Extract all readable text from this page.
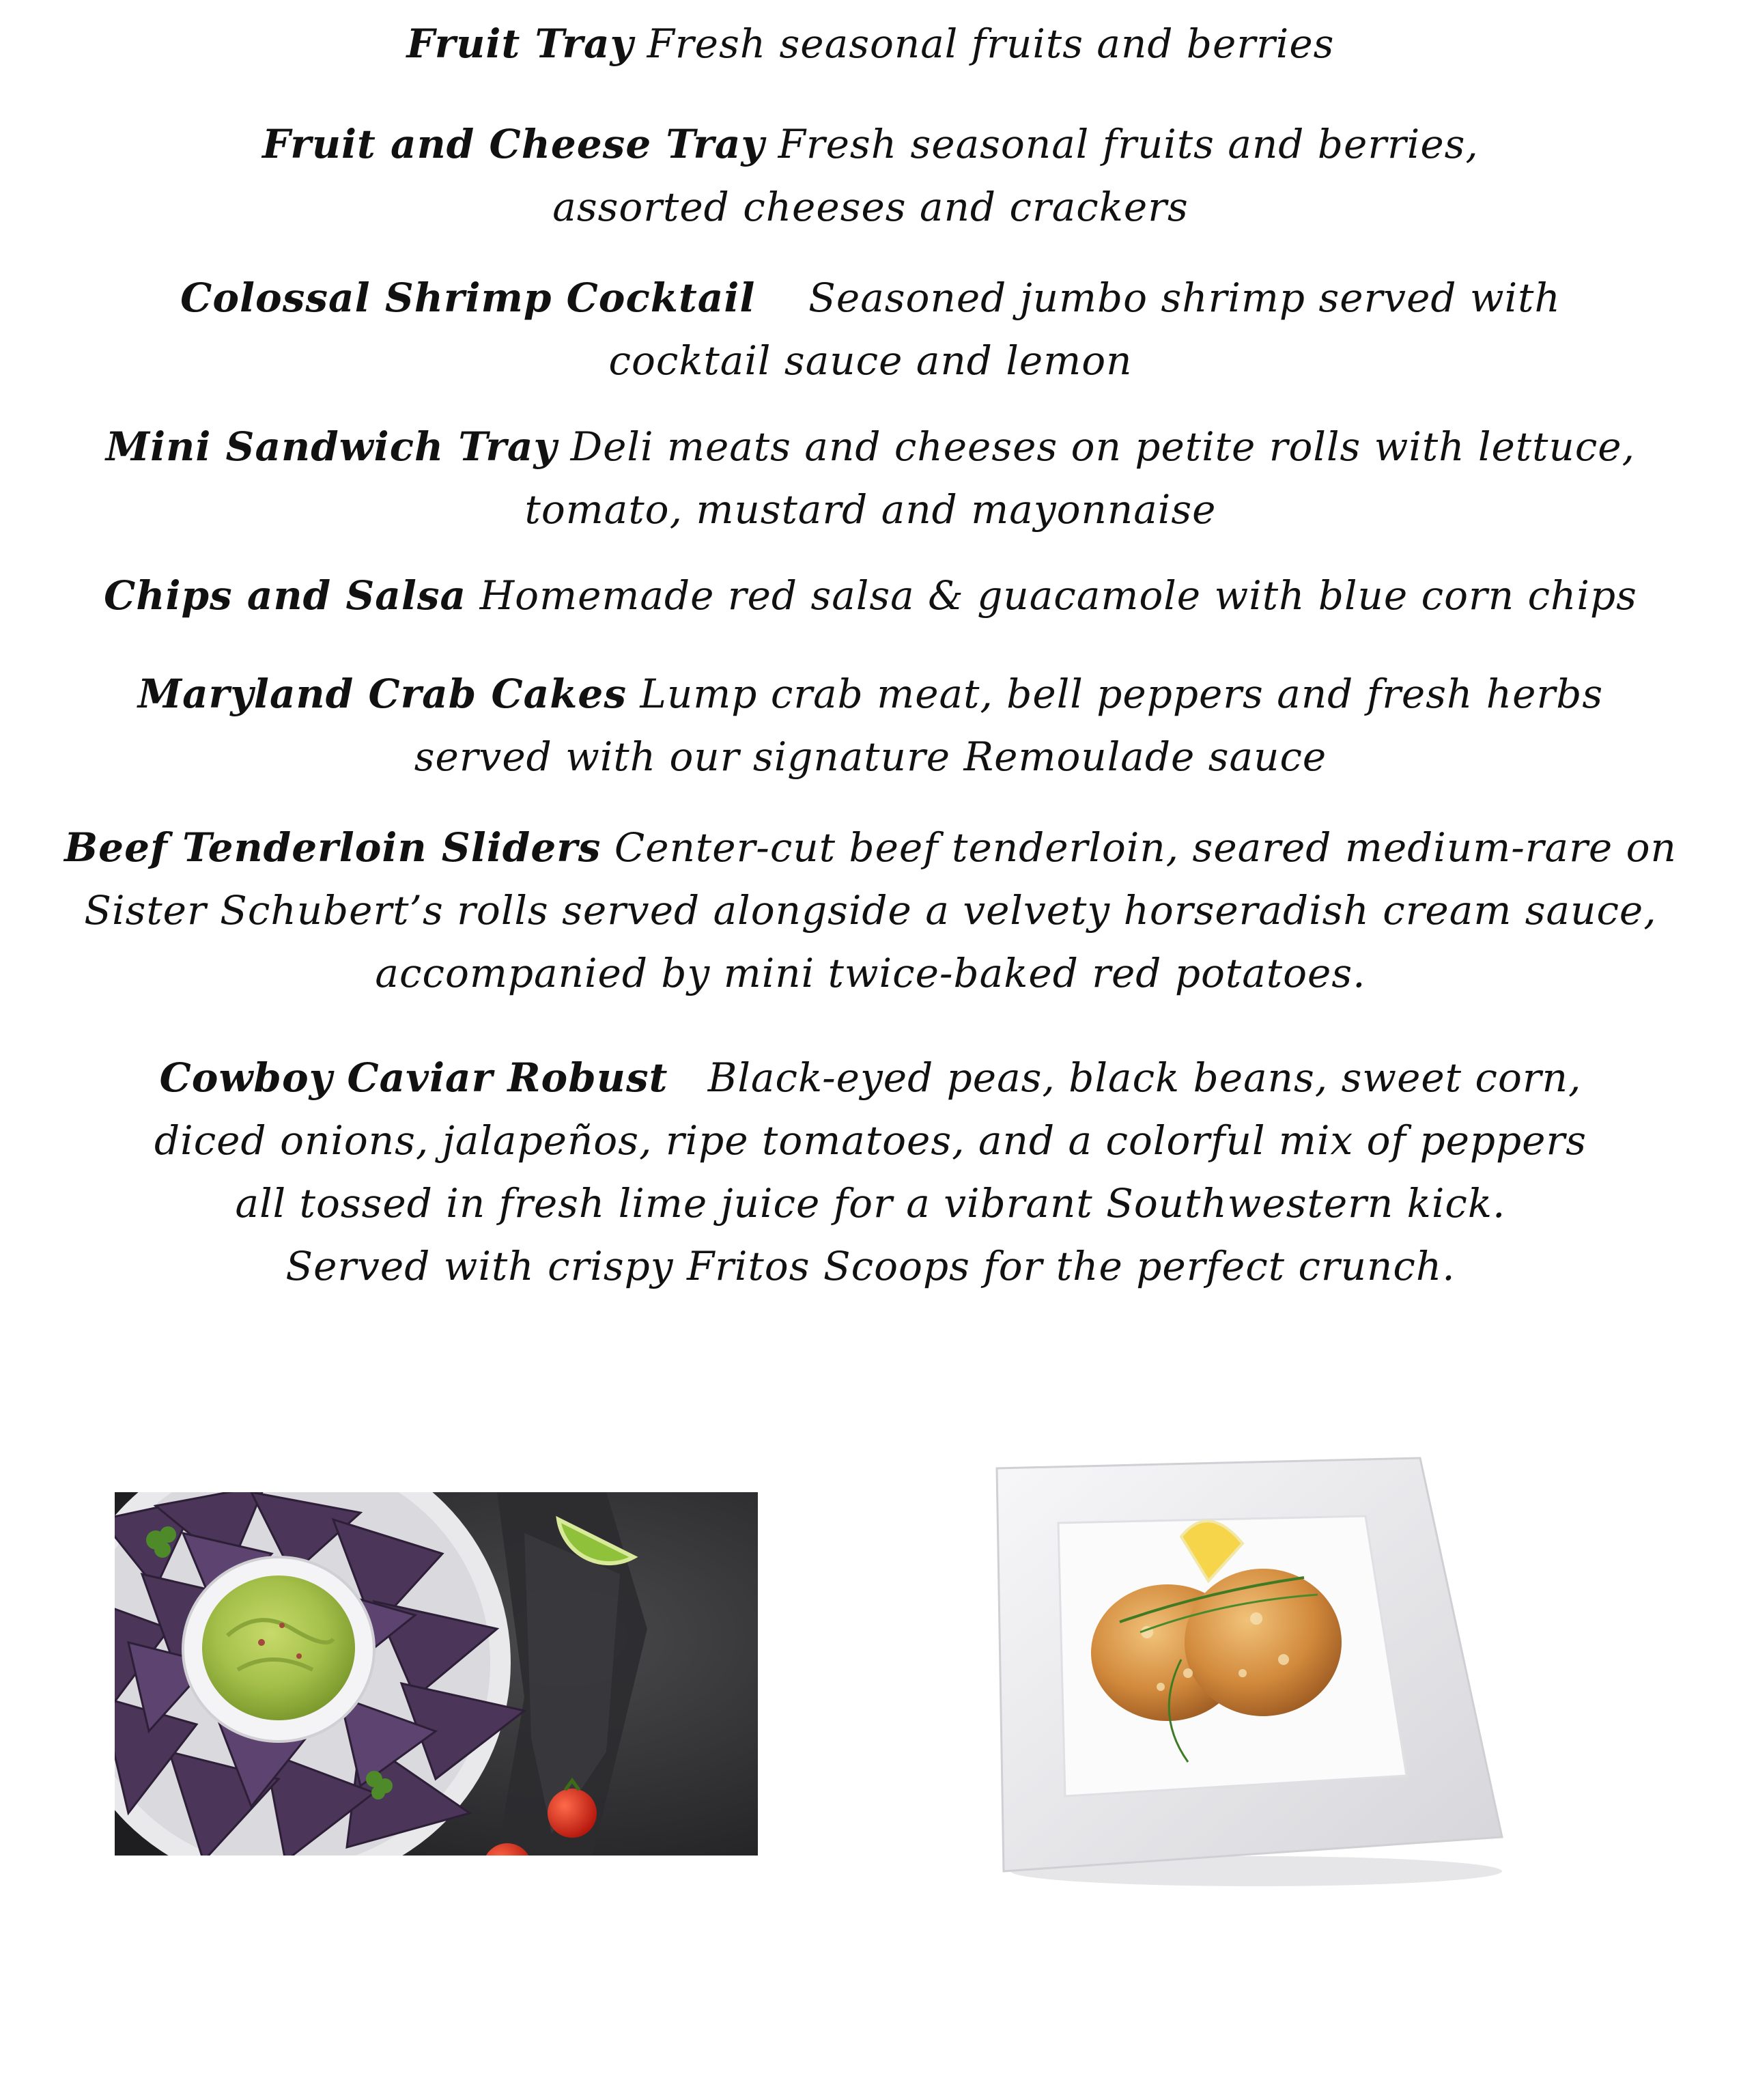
Fruit Tray Fresh seasonal fruits and berries
Fruit and Cheese Tray Fresh seasonal fruits and berries,
assorted cheeses and crackers
Colossal Shrimp Cocktail Seasoned jumbo shrimp served with
cocktail sauce and lemon
Mini Sandwich Tray Deli meats and cheeses on petite rolls with lettuce,
tomato, mustard and mayonnaise
Chips and Salsa Homemade red salsa & guacamole with blue corn chips
Maryland Crab Cakes Lump crab meat, bell peppers and fresh herbs
served with our signature Remoulade sauce
Beef Tenderloin Sliders Center-cut beef tenderloin, seared medium-rare on
Sister Schubert’s rolls served alongside a velvety horseradish cream sauce,
accompanied by mini twice-baked red potatoes.
Cowboy Caviar Robust Black-eyed peas, black beans, sweet corn,
diced onions, jalapeños, ripe tomatoes, and a colorful mix of peppers
all tossed in fresh lime juice for a vibrant Southwestern kick.
Served with crispy Fritos Scoops for the perfect crunch.
